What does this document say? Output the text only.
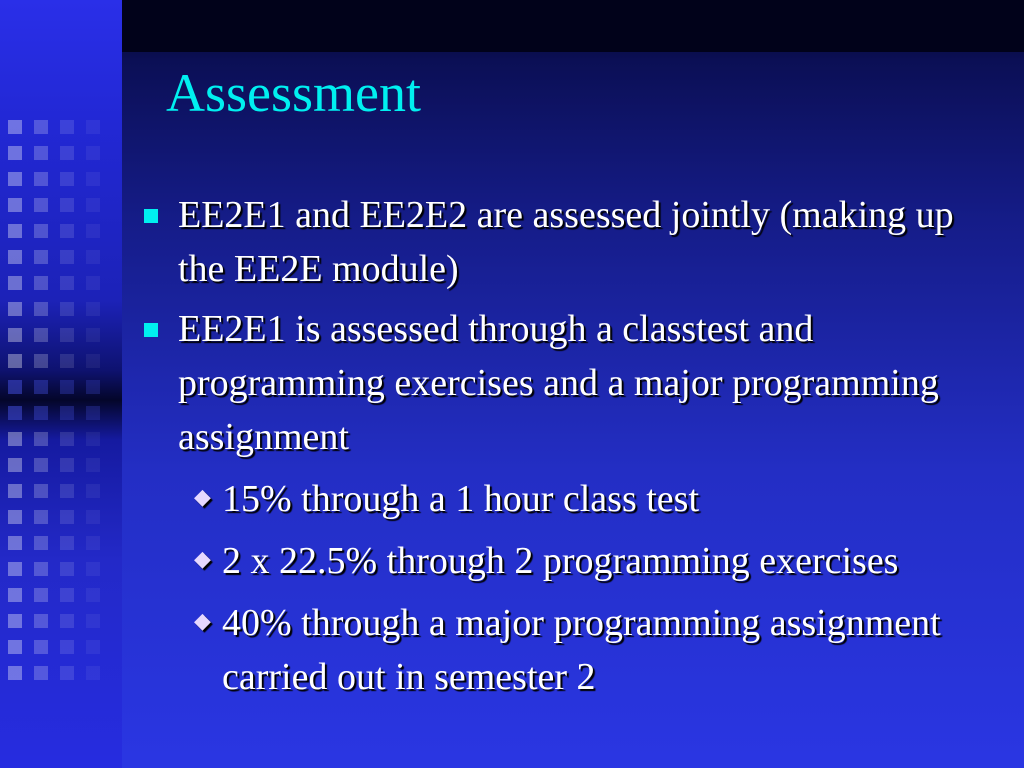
Assessment
EE2E1 and EE2E2 are assessed jointly (making up the EE2E module)
EE2E1 is assessed through a classtest and programming exercises and a major programming assignment
◆ 15% through a 1 hour class test
◆ 2 x 22.5% through 2 programming exercises
◆ 40% through a major programming assignment carried out in semester 2
